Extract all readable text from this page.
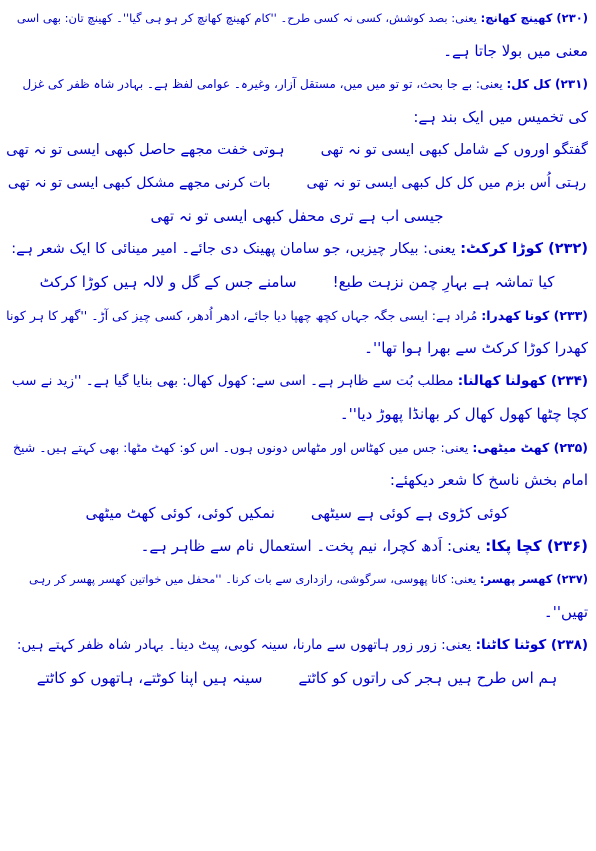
(۲۳۰) کھینچ کھانچ: یعنی: بصد کوشش، کسی نہ کسی طرح۔ ''کام کھینچ کھانچ کر ہو ہی گیا''۔ کھینچ تان: بھی اسی
معنی میں بولا جاتا ہے۔
(۲۳۱) کل کل: یعنی: بے جا بحث، تو تو میں میں، مستقل آزار، وغیرہ۔ عوامی لفظ ہے۔ بہادر شاہ ظفر کی غزل
کی تخمیس میں ایک بند ہے:
گفتگو اوروں کے شامل کبھی ایسی تو نہ تھی
ہوتی خفت مجھے حاصل کبھی ایسی تو نہ تھی
رہتی اُس بزم میں کل کل کبھی ایسی تو نہ تھی
بات کرنی مجھے مشکل کبھی ایسی تو نہ تھی
جیسی اب ہے تری محفل کبھی ایسی تو نہ تھی
(۲۳۲) کوڑا کرکٹ: یعنی: بیکار چیزیں، جو سامان پھینک دی جائے۔ امیر مینائی کا ایک شعر ہے:
کیا تماشہ ہے بہارِ چمن نزہت طبع!
سامنے جس کے گل و لالہ ہیں کوڑا کرکٹ
(۲۳۳) کونا کھدرا: مُراد ہے: ایسی جگہ جہاں کچھ چھپا دیا جائے، ادھر اُدھر، کسی چیز کی آڑ۔ ''گھر کا ہر کونا
کھدرا کوڑا کرکٹ سے بھرا ہوا تھا''۔
(۲۳۴) کھولنا کھالنا: مطلب بُت سے ظاہر ہے۔ اسی سے: کھول کھال: بھی بنایا گیا ہے۔ ''زید نے سب
کچا چٹھا کھول کھال کر بھانڈا پھوڑ دیا''۔
(۲۳۵) کھٹ میٹھی: یعنی: جس میں کھٹاس اور مٹھاس دونوں ہوں۔ اس کو: کھٹ مٹھا: بھی کہتے ہیں۔ شیخ
امام بخش ناسخ کا شعر دیکھئے:
کوئی کڑوی ہے کوئی ہے سیٹھی
نمکیں کوئی، کوئی کھٹ میٹھی
(۲۳۶) کچا پکا: یعنی: اَدھ کچرا، نیم پخت۔ استعمال نام سے ظاہر ہے۔
(۲۳۷) کھسر پھسر: یعنی: کانا پھوسی، سرگوشی، رازداری سے بات کرنا۔ ''محفل میں خواتین کھسر پھسر کر رہی
تھیں''۔
(۲۳۸) کوٹنا کاٹنا: یعنی: زور زور ہاتھوں سے مارنا، سینہ کوبی، پیٹ دینا۔ بہادر شاہ ظفر کہتے ہیں:
ہم اس طرح ہیں ہجر کی راتوں کو کاٹتے
سینہ ہیں اپنا کوٹتے، ہاتھوں کو کاٹتے
